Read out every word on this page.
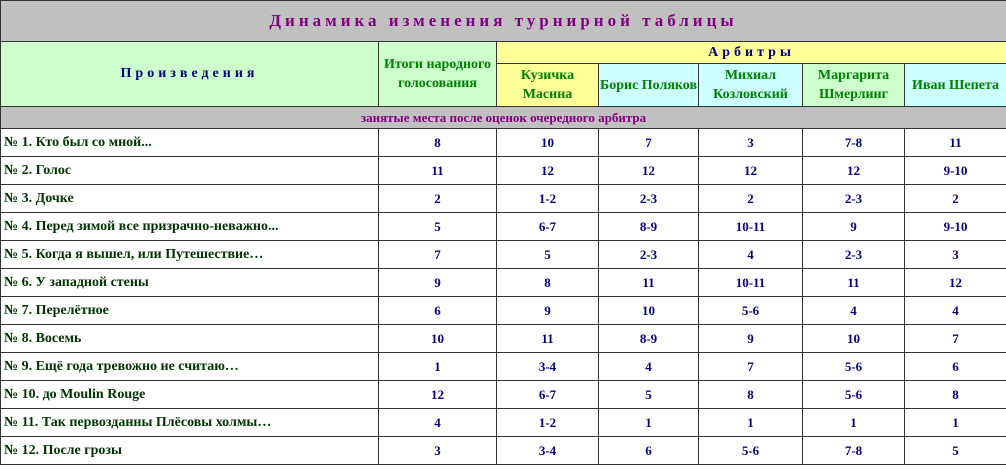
Динамика изменения турнирной таблицы						
Произведения	Итоги народного голосования	Арбитры				
		Кузичка Масина	Борис Поляков	Михиал Козловский	Маргарита Шмерлинг	Иван Шепета
занятые места после оценок очередного арбитра						
№ 1. Кто был со мной...	8	10	7	3	7-8	11
№ 2. Голос	11	12	12	12	12	9-10
№ 3. Дочке	2	1-2	2-3	2	2-3	2
№ 4. Перед зимой все призрачно-неважно...	5	6-7	8-9	10-11	9	9-10
№ 5. Когда я вышел, или Путешествие…	7	5	2-3	4	2-3	3
№ 6. У западной стены	9	8	11	10-11	11	12
№ 7. Перелётное	6	9	10	5-6	4	4
№ 8. Восемь	10	11	8-9	9	10	7
№ 9. Ещё года тревожно не считаю…	1	3-4	4	7	5-6	6
№ 10. до Moulin Rouge	12	6-7	5	8	5-6	8
№ 11. Так первозданны Плёсовы холмы…	4	1-2	1	1	1	1
№ 12. После грозы	3	3-4	6	5-6	7-8	5
